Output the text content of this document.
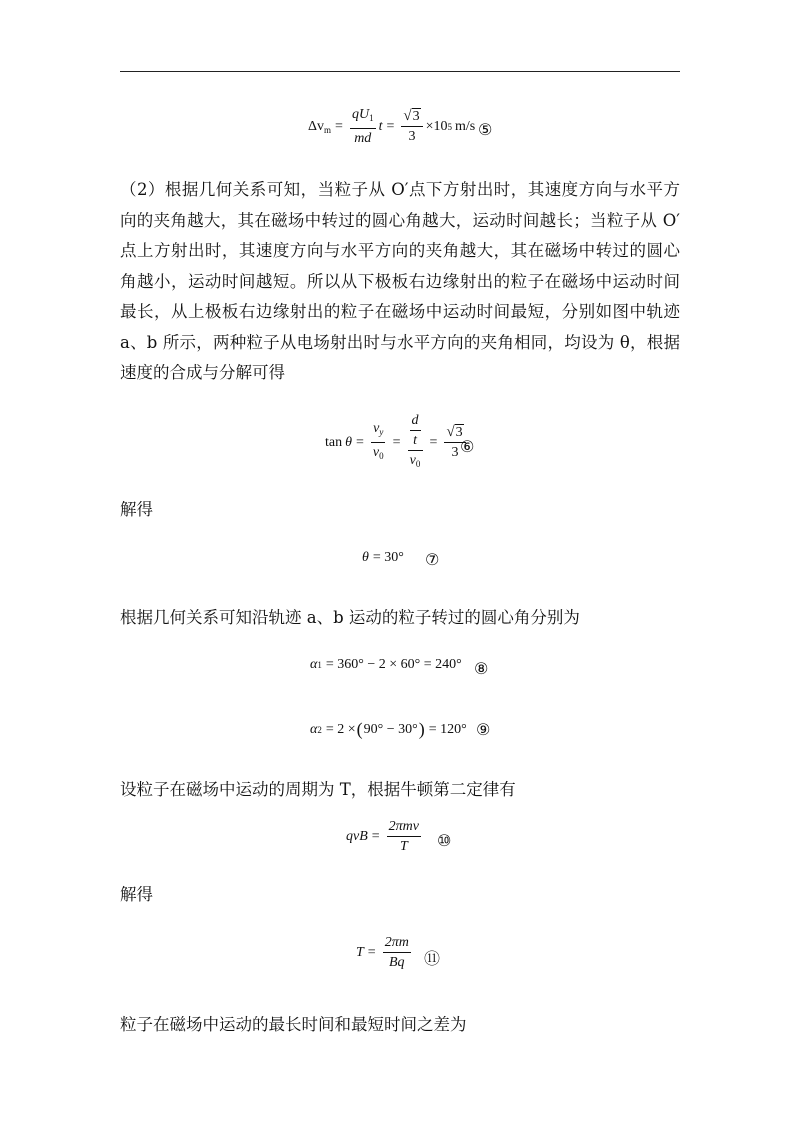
$\Delta v_m = \frac{qU_1}{md}$ $t = \frac{√ 3}{3} \times 10$ 5 m/s ⑤

（2）根据几何关系可知，当粒子从 O′点下方射出时，其速度方向与水平方向的夹角越大，其在磁场中转过的圆心角越大，运动时间越长；当粒子从 O′点上方射出时，其速度方向与水平方向的夹角越大，其在磁场中转过的圆心角越小，运动时间越短。所以从下极板右边缘射出的粒子在磁场中运动时间最长，从上极板右边缘射出的粒子在磁场中运动时间最短，分别如图中轨迹 a、b 所示，两种粒子从电场射出时与水平方向的夹角相同，均设为 θ，根据速度的合成与分解可得

$\tan \theta = \frac{v_y}{v_0} = \frac{\frac{d}{t}}{v_0} = \frac{√ 3}{3}$
⑥

解得

θ = 30° ⑦

根据几何关系可知沿轨迹 a、b 运动的粒子转过的圆心角分别为

α 1 = 360° − 2 × 60° = 240° ⑧
α 2 = 2 × ( 90° − 30° ) = 120° ⑨

设粒子在磁场中运动的周期为 T，根据牛顿第二定律有

qvB = $\frac{\text{2πmv}}{T}$ ⑩

解得

$T = \frac{2\pi m}{Bq}$ ⑪

粒子在磁场中运动的最长时间和最短时间之差为
